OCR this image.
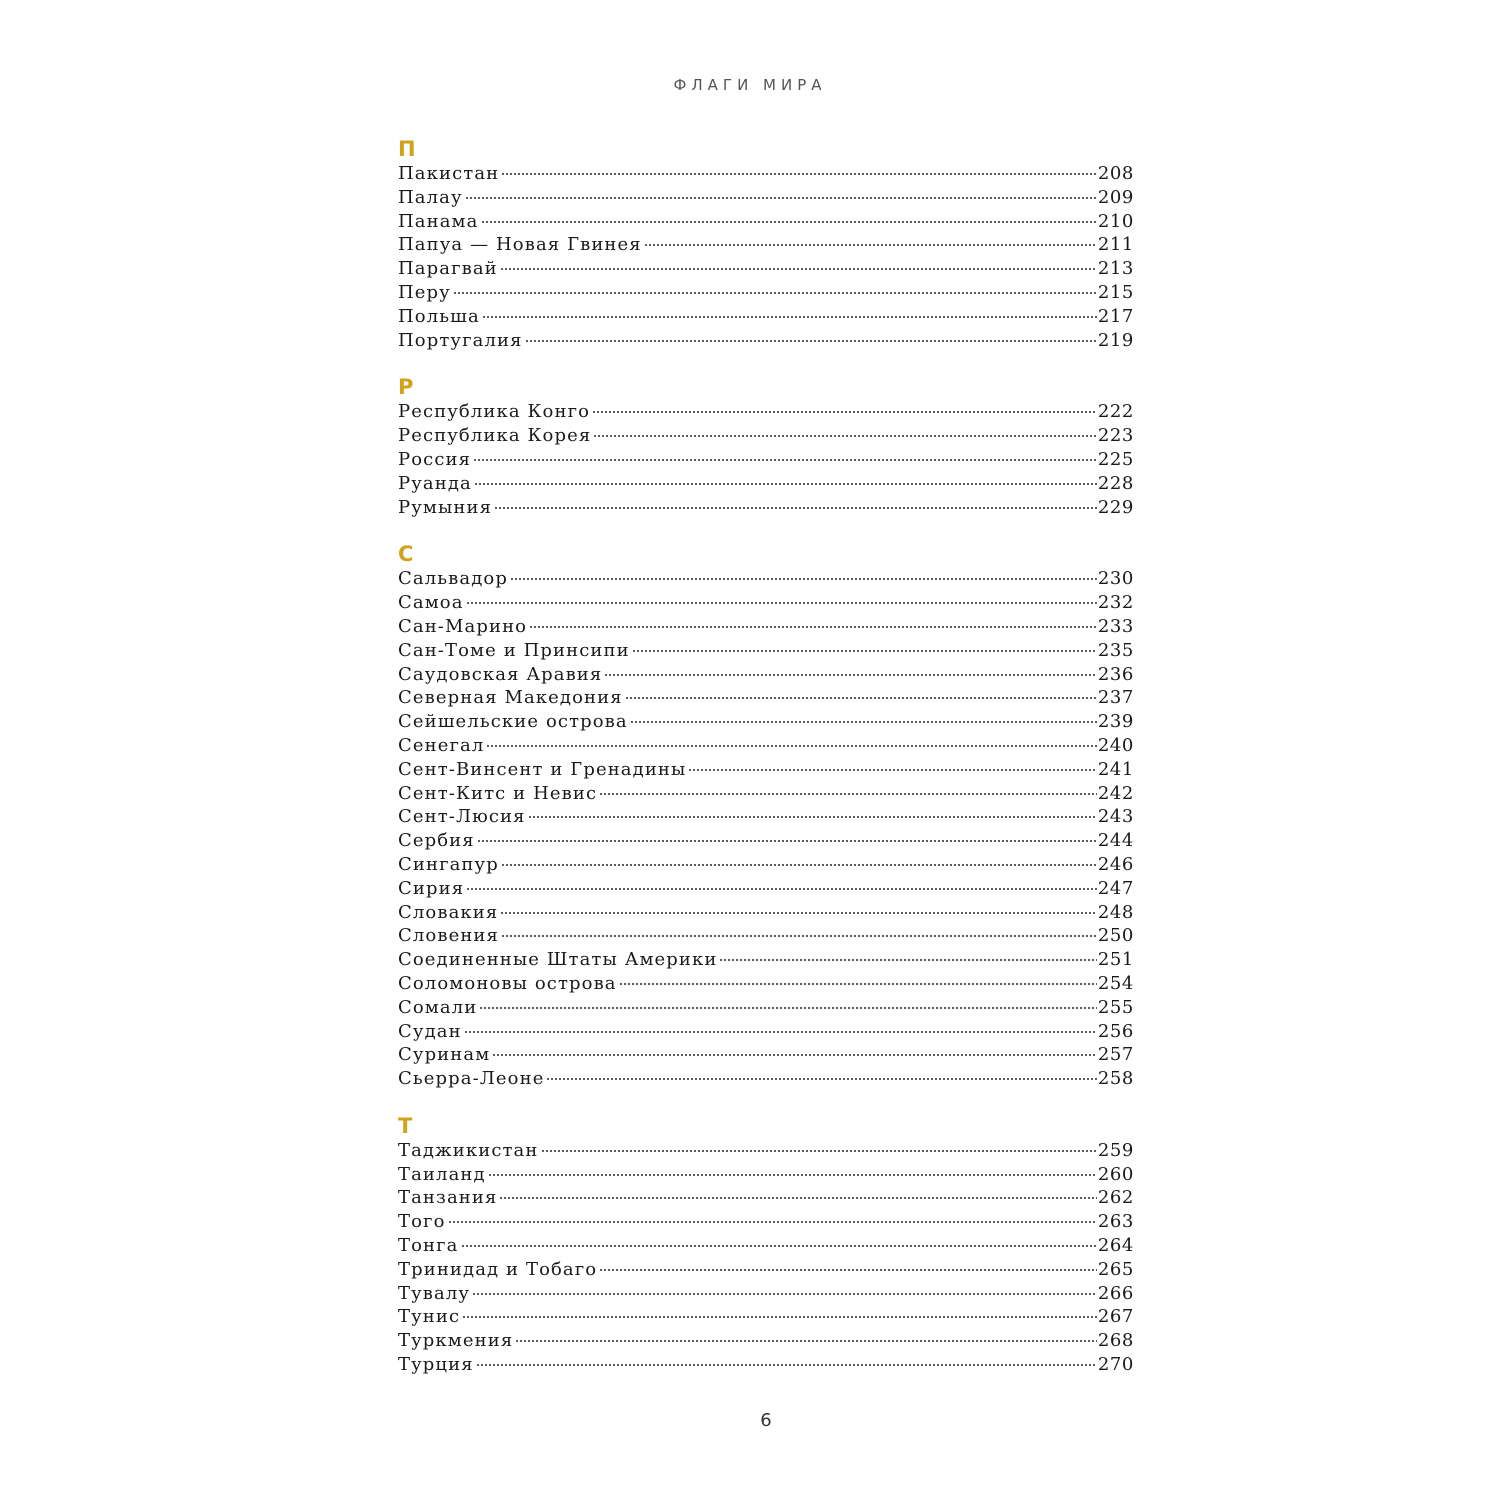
ФЛАГИ МИРА
П
Пакистан	208
Палау	209
Панама	210
Папуа — Новая Гвинея	211
Парагвай	213
Перу	215
Польша	217
Португалия	219
Р
Республика Конго	222
Республика Корея	223
Россия	225
Руанда	228
Румыния	229
С
Сальвадор	230
Самоа	232
Сан-Марино	233
Сан-Томе и Принсипи	235
Саудовская Аравия	236
Северная Македония	237
Сейшельские острова	239
Сенегал	240
Сент-Винсент и Гренадины	241
Сент-Китс и Невис	242
Сент-Люсия	243
Сербия	244
Сингапур	246
Сирия	247
Словакия	248
Словения	250
Соединенные Штаты Америки	251
Соломоновы острова	254
Сомали	255
Судан	256
Суринам	257
Сьерра-Леоне	258
Т
Таджикистан	259
Таиланд	260
Танзания	262
Того	263
Тонга	264
Тринидад и Тобаго	265
Тувалу	266
Тунис	267
Туркмения	268
Турция	270
6
